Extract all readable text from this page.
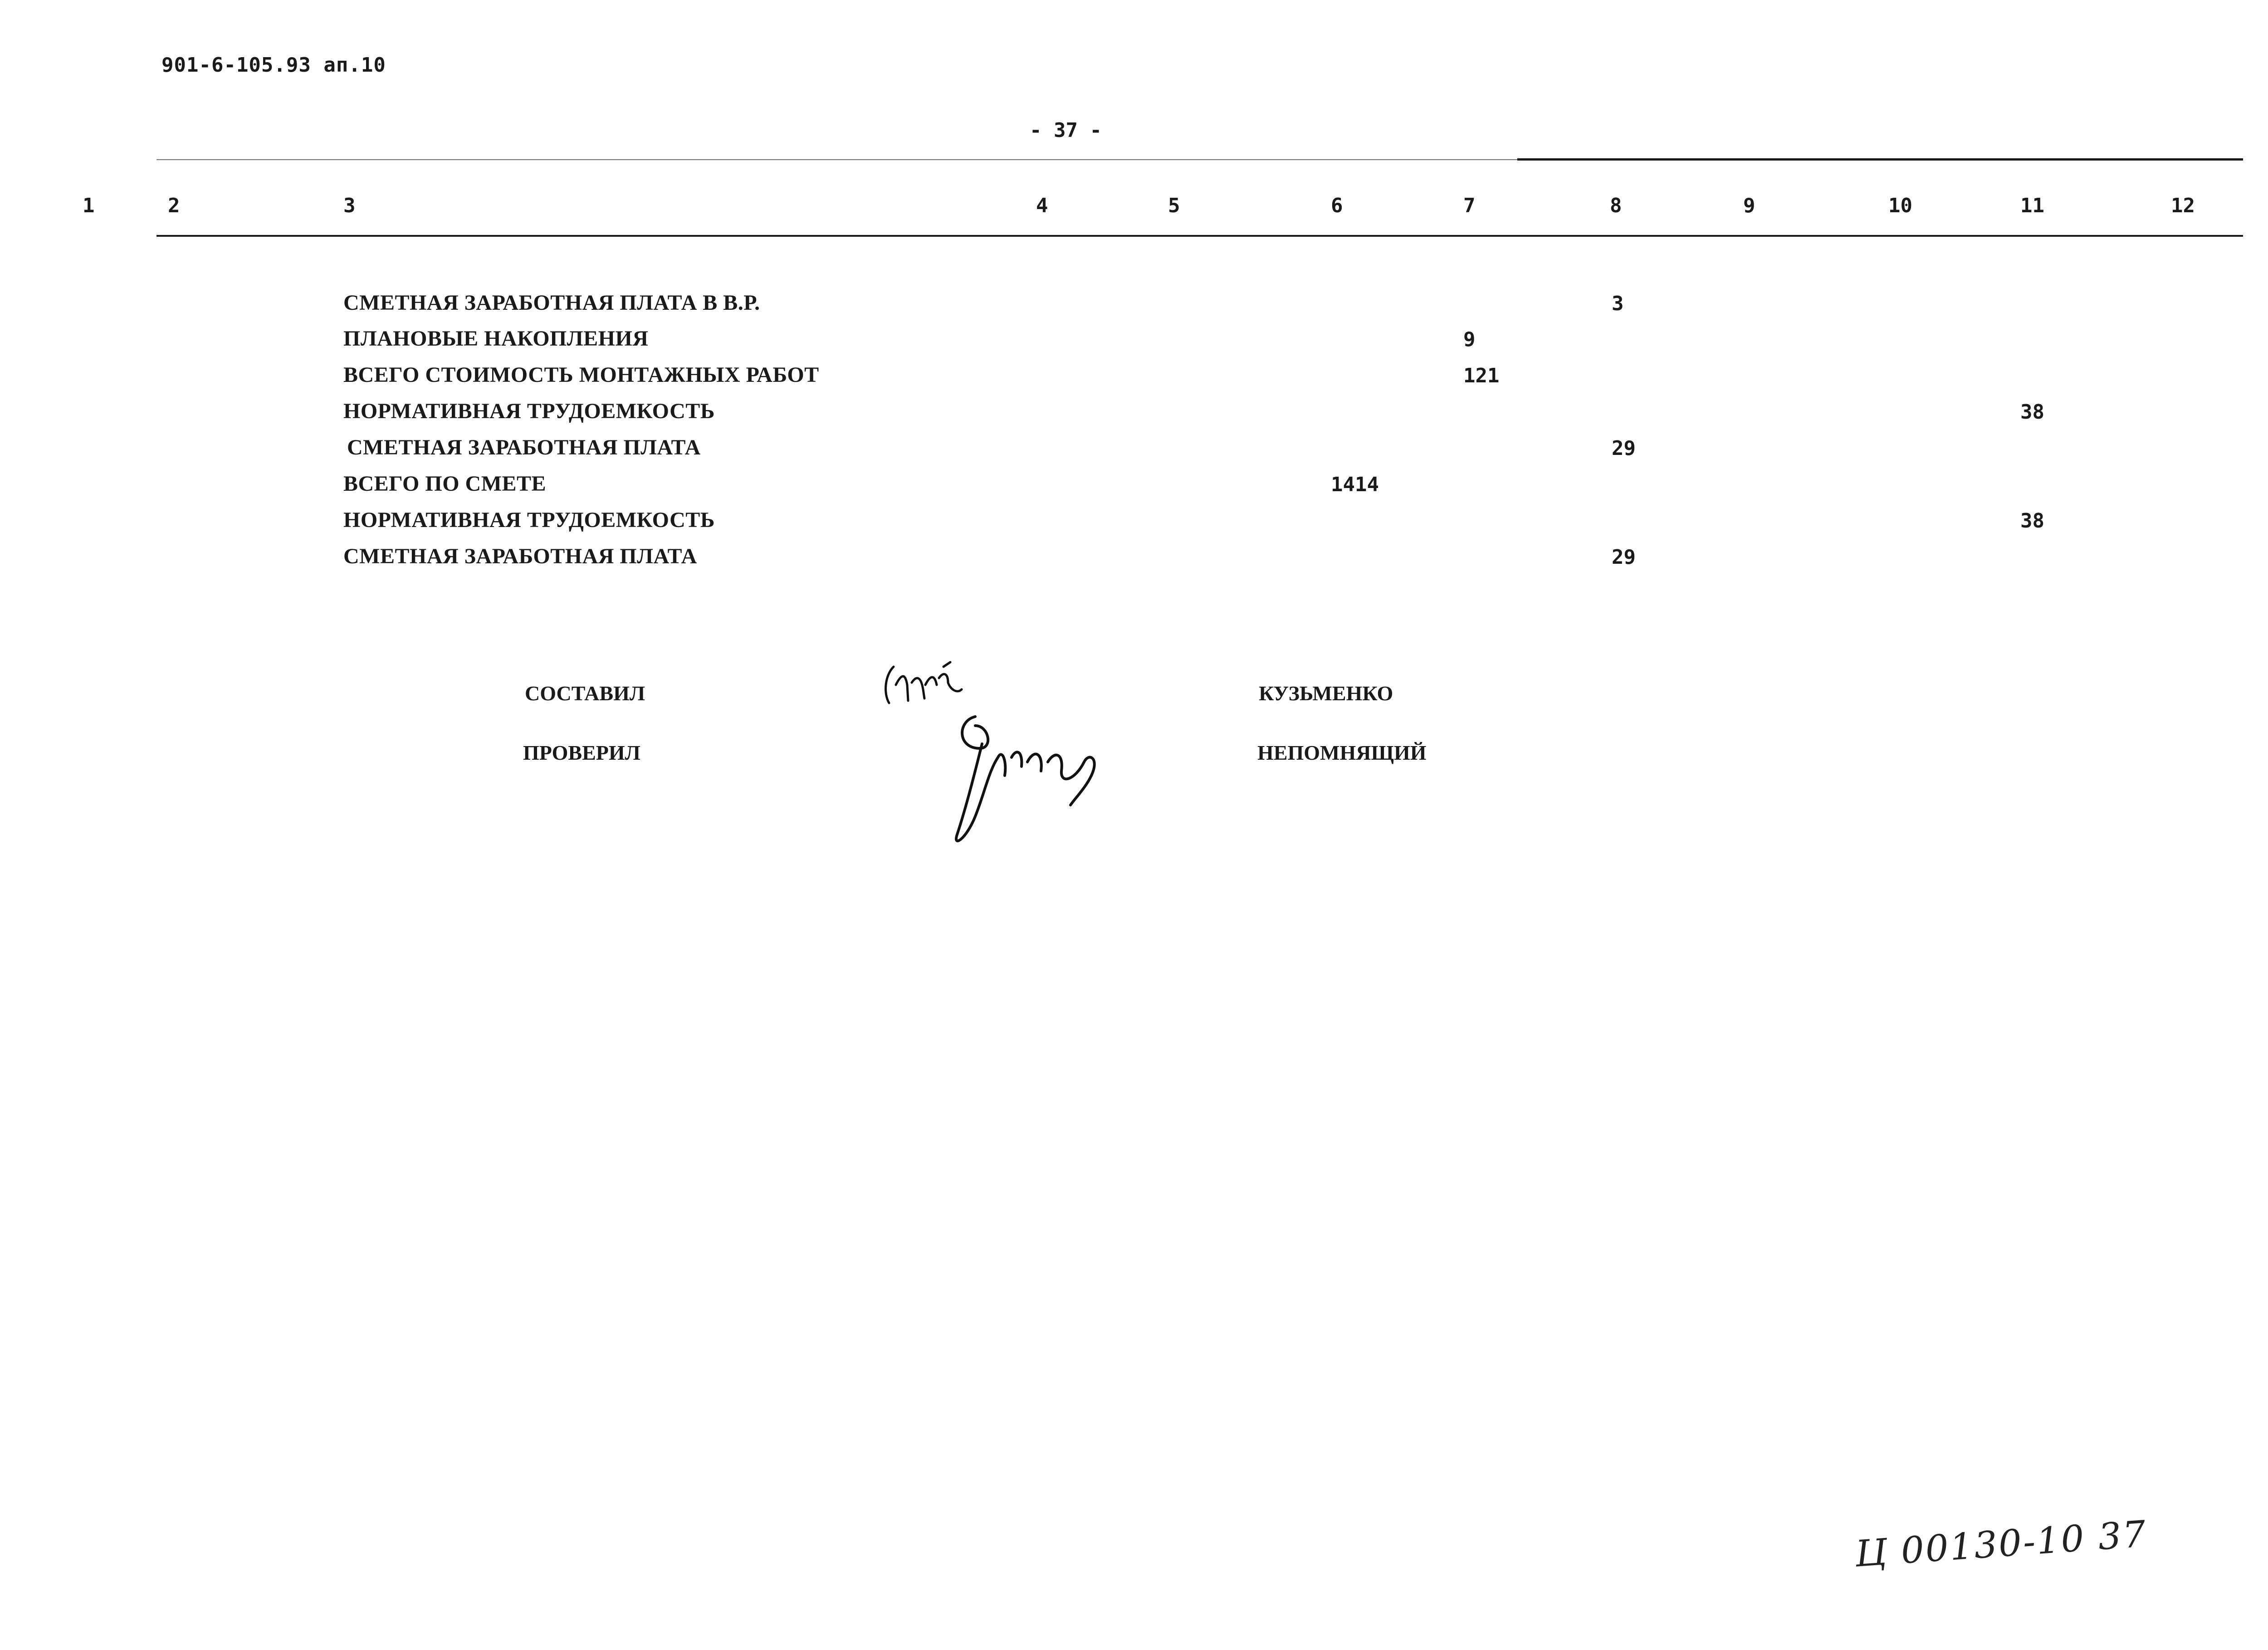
901-6-105.93 ап.10
- 37 -
1	2	3	4	5	6	7	8	9	10	11	12
СМЕТНАЯ ЗАРАБОТНАЯ ПЛАТА В В.Р.	3
ПЛАНОВЫЕ НАКОПЛЕНИЯ	9
ВСЕГО СТОИМОСТЬ МОНТАЖНЫХ РАБОТ	121
НОРМАТИВНАЯ ТРУДОЕМКОСТЬ	38
СМЕТНАЯ ЗАРАБОТНАЯ ПЛАТА	29
ВСЕГО ПО СМЕТЕ	1414
НОРМАТИВНАЯ ТРУДОЕМКОСТЬ	38
СМЕТНАЯ ЗАРАБОТНАЯ ПЛАТА	29
СОСТАВИЛ	КУЗЬМЕНКО
ПРОВЕРИЛ	НЕПОМНЯЩИЙ
Ц 00130-10 37
